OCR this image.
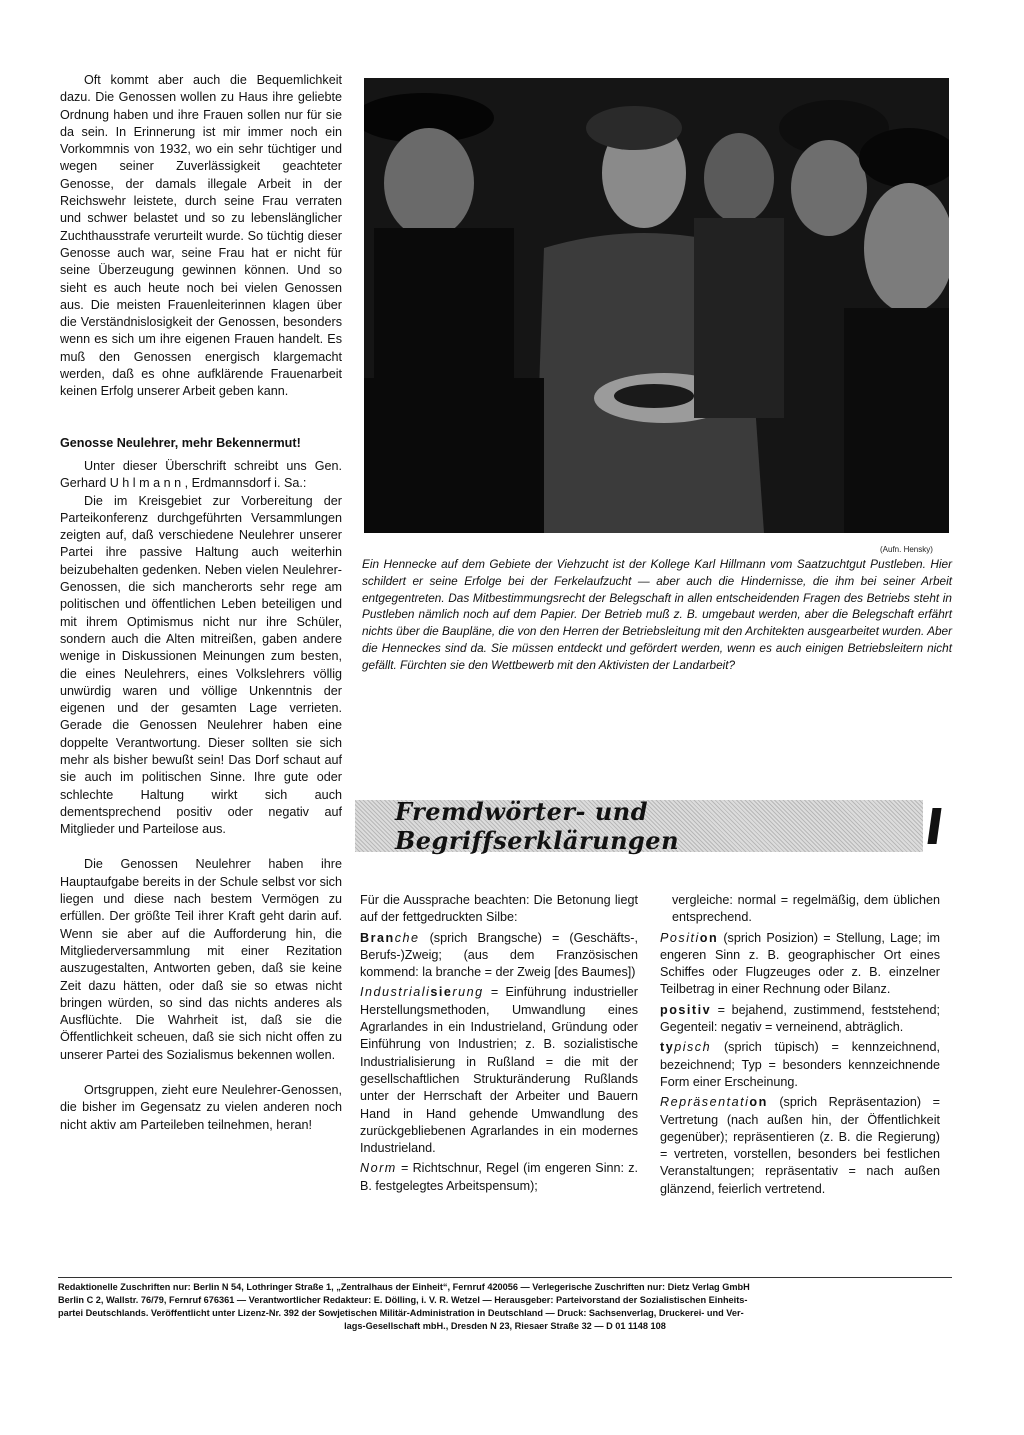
Oft kommt aber auch die Bequemlichkeit dazu. Die Genossen wollen zu Haus ihre geliebte Ordnung haben und ihre Frauen sollen nur für sie da sein. In Erinnerung ist mir immer noch ein Vorkommnis von 1932, wo ein sehr tüchtiger und wegen seiner Zuverlässigkeit geachteter Genosse, der damals illegale Arbeit in der Reichswehr leistete, durch seine Frau verraten und schwer belastet und so zu lebenslänglicher Zuchthausstrafe verurteilt wurde. So tüchtig dieser Genosse auch war, seine Frau hat er nicht für seine Überzeugung gewinnen können. Und so sieht es auch heute noch bei vielen Genossen aus. Die meisten Frauenleiterinnen klagen über die Verständnislosigkeit der Genossen, besonders wenn es sich um ihre eigenen Frauen handelt. Es muß den Genossen energisch klargemacht werden, daß es ohne aufklärende Frauenarbeit keinen Erfolg unserer Arbeit geben kann.

Genosse Neulehrer, mehr Bekennermut!

Unter dieser Überschrift schreibt uns Gen. Gerhard U h l m a n n , Erdmannsdorf i. Sa.:

Die im Kreisgebiet zur Vorbereitung der Parteikonferenz durchgeführten Versammlungen zeigten auf, daß verschiedene Neulehrer unserer Partei ihre passive Haltung auch weiterhin beizubehalten gedenken. Neben vielen Neulehrer-Genossen, die sich mancherorts sehr rege am politischen und öffentlichen Leben beteiligen und mit ihrem Optimismus nicht nur ihre Schüler, sondern auch die Alten mitreißen, gaben andere wenige in Diskussionen Meinungen zum besten, die eines Neulehrers, eines Volkslehrers völlig unwürdig waren und völlige Unkenntnis der eigenen und der gesamten Lage verrieten. Gerade die Genossen Neulehrer haben eine doppelte Verantwortung. Dieser sollten sie sich mehr als bisher bewußt sein! Das Dorf schaut auf sie auch im politischen Sinne. Ihre gute oder schlechte Haltung wirkt sich auch dementsprechend positiv oder negativ auf Mitglieder und Parteilose aus.

Die Genossen Neulehrer haben ihre Hauptaufgabe bereits in der Schule selbst vor sich liegen und diese nach bestem Vermögen zu erfüllen. Der größte Teil ihrer Kraft geht darin auf. Wenn sie aber auf die Aufforderung hin, die Mitgliederversammlung mit einer Rezitation auszugestalten, Antworten geben, daß sie keine Zeit dazu hätten, oder daß sie so etwas nicht bringen würden, so sind das nichts anderes als Ausflüchte. Die Wahrheit ist, daß sie die Öffentlichkeit scheuen, daß sie sich nicht offen zu unserer Partei des Sozialismus bekennen wollen.

Ortsgruppen, zieht eure Neulehrer-Genossen, die bisher im Gegensatz zu vielen anderen noch nicht aktiv am Parteileben teilnehmen, heran!

(Aufn. Hensky)
Ein Hennecke auf dem Gebiete der Viehzucht ist der Kollege Karl Hillmann vom Saatzuchtgut Pustleben. Hier schildert er seine Erfolge bei der Ferkelaufzucht — aber auch die Hindernisse, die ihm bei seiner Arbeit entgegentreten. Das Mitbestimmungsrecht der Belegschaft in allen entscheidenden Fragen des Betriebs steht in Pustleben nämlich noch auf dem Papier. Der Betrieb muß z. B. umgebaut werden, aber die Belegschaft erfährt nichts über die Baupläne, die von den Herren der Betriebsleitung mit den Architekten ausgearbeitet wurden. Aber die Henneckes sind da. Sie müssen entdeckt und gefördert werden, wenn es auch einigen Betriebsleitern nicht gefällt. Fürchten sie den Wettbewerb mit den Aktivisten der Landarbeit?
Fremdwörter- und Begriffserklärungen

Für die Aussprache beachten: Die Betonung liegt auf der fettgedruckten Silbe:

Branche (sprich Brangsche) = (Geschäfts-, Berufs-)Zweig; (aus dem Französischen kommend: la branche = der Zweig [des Baumes])

Industrialisierung = Einführung industrieller Herstellungsmethoden, Umwandlung eines Agrarlandes in ein Industrieland, Gründung oder Einführung von Industrien; z. B. sozialistische Industrialisierung in Rußland = die mit der gesellschaftlichen Strukturänderung Rußlands unter der Herrschaft der Arbeiter und Bauern Hand in Hand gehende Umwandlung des zurückgebliebenen Agrarlandes in ein modernes Industrieland.

Norm = Richtschnur, Regel (im engeren Sinn: z. B. festgelegtes Arbeitspensum);

vergleiche: normal = regelmäßig, dem üblichen entsprechend.

Position (sprich Posizion) = Stellung, Lage; im engeren Sinn z. B. geographischer Ort eines Schiffes oder Flugzeuges oder z. B. einzelner Teilbetrag in einer Rechnung oder Bilanz.

positiv = bejahend, zustimmend, feststehend; Gegenteil: negativ = verneinend, abträglich.

typisch (sprich tüpisch) = kennzeichnend, bezeichnend; Typ = besonders kennzeichnende Form einer Erscheinung.

Repräsentation (sprich Repräsentazion) = Vertretung (nach außen hin, der Öffentlichkeit gegenüber); repräsentieren (z. B. die Regierung) = vertreten, vorstellen, besonders bei festlichen Veranstaltungen; repräsentativ = nach außen glänzend, feierlich vertretend.

Redaktionelle Zuschriften nur: Berlin N 54, Lothringer Straße 1, „Zentralhaus der Einheit“, Fernruf 420056 — Verlegerische Zuschriften nur: Dietz Verlag GmbH
Berlin C 2, Wallstr. 76/79, Fernruf 676361 — Verantwortlicher Redakteur: E. Dölling, i. V. R. Wetzel — Herausgeber: Parteivorstand der Sozialistischen Einheits-
partei Deutschlands. Veröffentlicht unter Lizenz-Nr. 392 der Sowjetischen Militär-Administration in Deutschland — Druck: Sachsenverlag, Druckerei- und Ver-
lags-Gesellschaft mbH., Dresden N 23, Riesaer Straße 32 — D 01 1148 108
